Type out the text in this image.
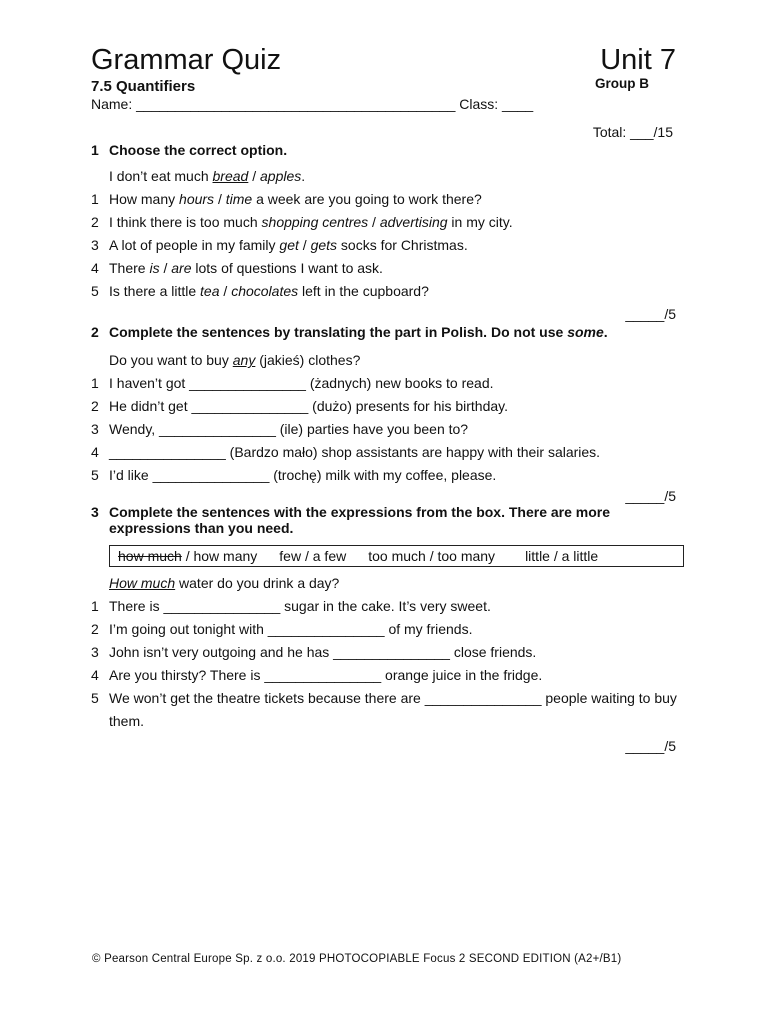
Grammar Quiz	Unit 7
7.5 Quantifiers	Group B
Name: _________________________________________ Class: ____
Total: ___/15
1 Choose the correct option.
I don’t eat much bread / apples.
1 How many hours / time a week are you going to work there?
2 I think there is too much shopping centres / advertising in my city.
3 A lot of people in my family get / gets socks for Christmas.
4 There is / are lots of questions I want to ask.
5 Is there a little tea / chocolates left in the cupboard?
_____/5
2 Complete the sentences by translating the part in Polish. Do not use some.
Do you want to buy any (jakieś) clothes?
1 I haven’t got _______________ (żadnych) new books to read.
2 He didn’t get _______________ (dużo) presents for his birthday.
3 Wendy, _______________ (ile) parties have you been to?
4 _______________ (Bardzo mało) shop assistants are happy with their salaries.
5 I’d like _______________ (trochę) milk with my coffee, please.
_____/5
3 Complete the sentences with the expressions from the box. There are more expressions than you need.
how much / how many few / a few too much / too many little / a little
How much water do you drink a day?
1 There is _______________ sugar in the cake. It’s very sweet.
2 I’m going out tonight with _______________ of my friends.
3 John isn’t very outgoing and he has _______________ close friends.
4 Are you thirsty? There is _______________ orange juice in the fridge.
5 We won’t get the theatre tickets because there are _______________ people waiting to buy them.
_____/5
© Pearson Central Europe Sp. z o.o. 2019 PHOTOCOPIABLE Focus 2 SECOND EDITION (A2+/B1)
